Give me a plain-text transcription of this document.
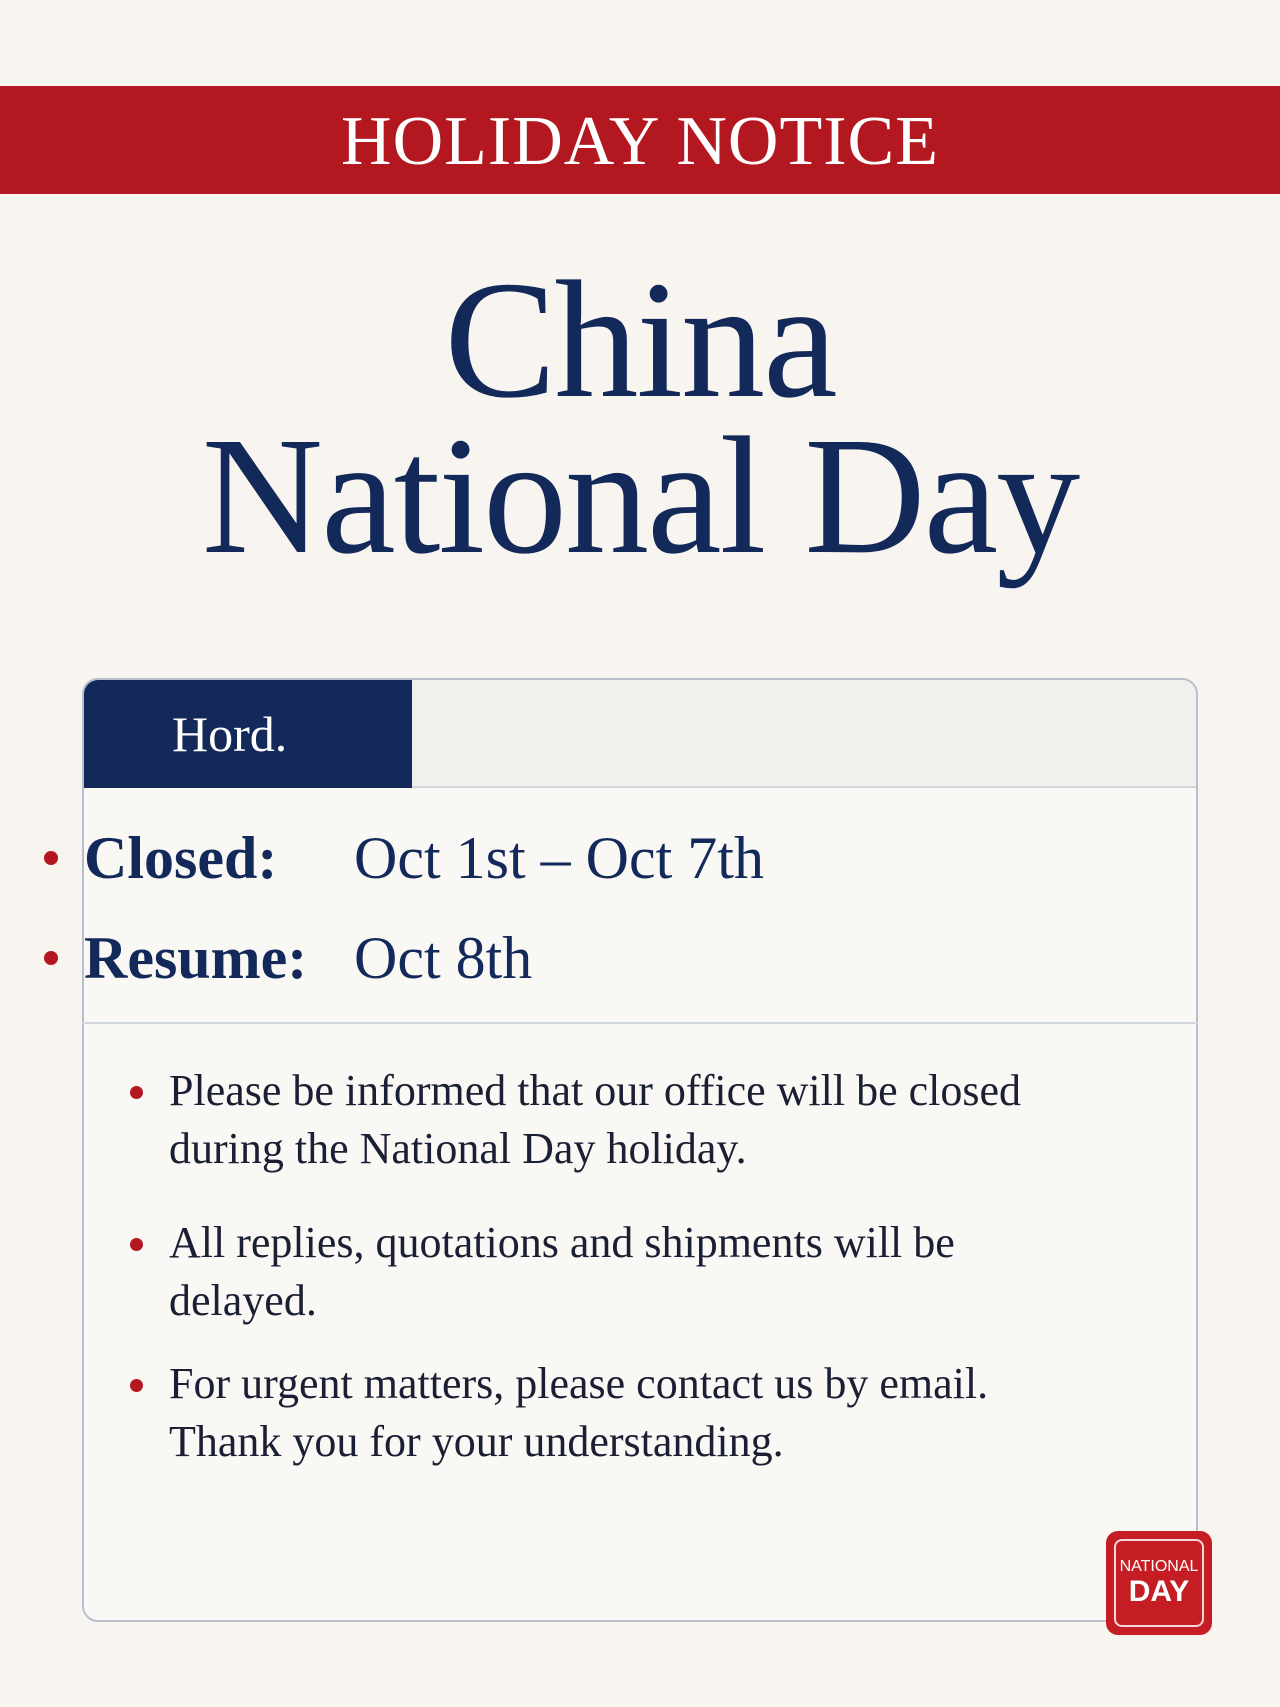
HOLIDAY NOTICE
China
National Day
Hord.
Closed:	Oct 1st – Oct 7th
Resume: Oct 8th
Please be informed that our office will be closed
during the National Day holiday.
All replies, quotations and shipments will be
delayed.
For urgent matters, please contact us by email.
Thank you for your understanding.
NATIONAL
DAY
